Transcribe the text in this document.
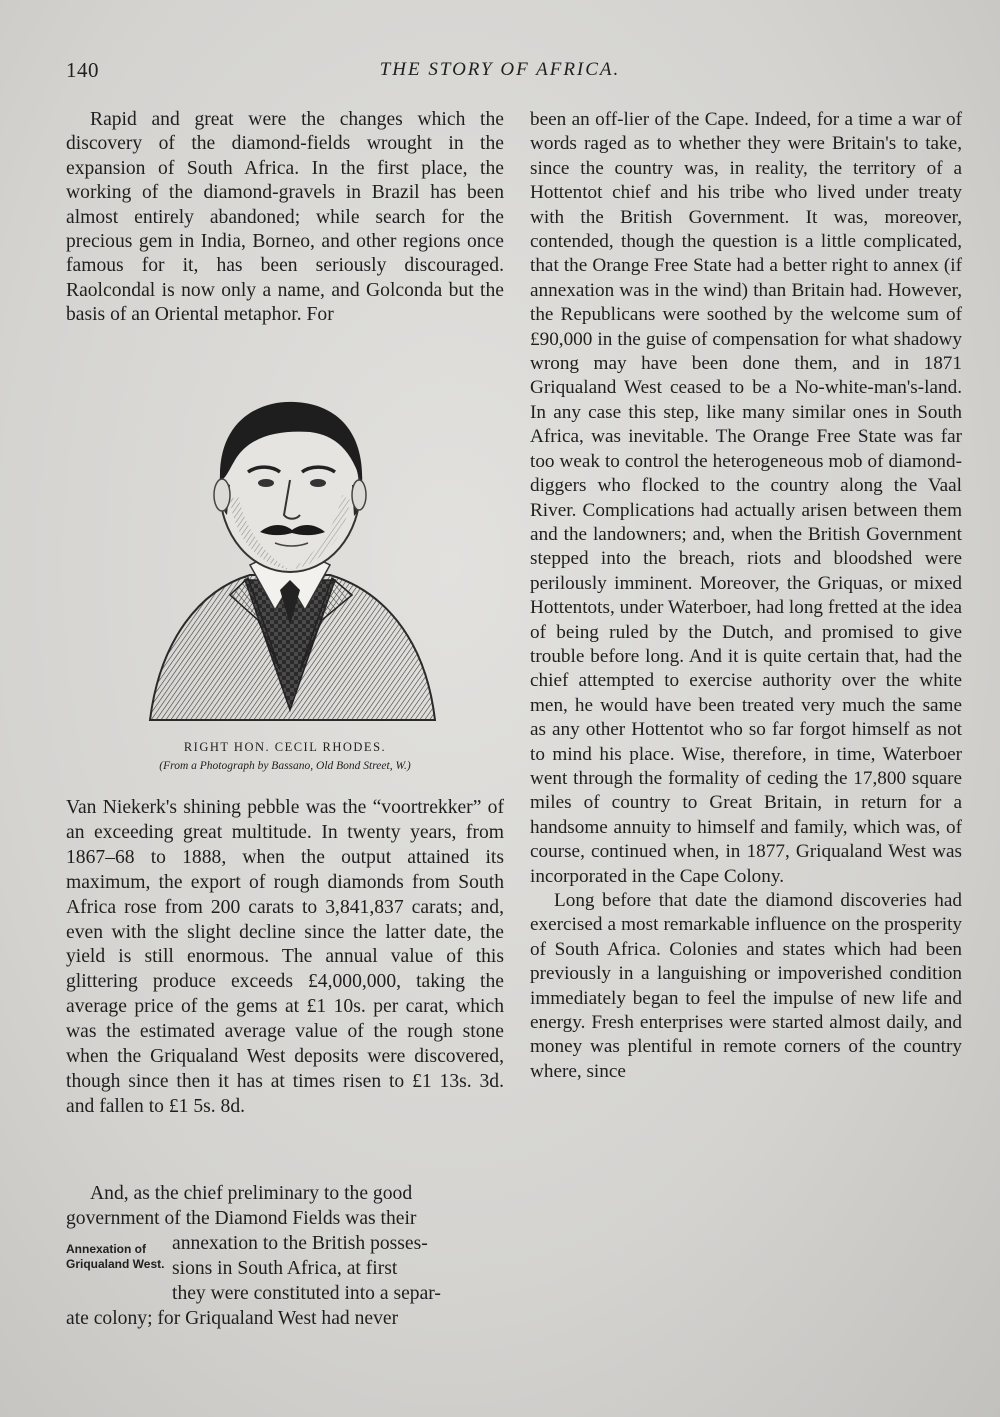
140	THE STORY OF AFRICA.

Rapid and great were the changes which the discovery of the diamond-fields wrought in the expansion of South Africa. In the first place, the working of the diamond-gravels in Brazil has been almost entirely abandoned; while search for the precious gem in India, Borneo, and other regions once famous for it, has been seriously discouraged. Raolcondal is now only a name, and Golconda but the basis of an Oriental metaphor. For

RIGHT HON. CECIL RHODES.
(From a Photograph by Bassano, Old Bond Street, W.)

Van Niekerk's shining pebble was the “voortrekker” of an exceeding great multitude. In twenty years, from 1867–68 to 1888, when the output attained its maximum, the export of rough diamonds from South Africa rose from 200 carats to 3,841,837 carats; and, even with the slight decline since the latter date, the yield is still enormous. The annual value of this glittering produce exceeds £4,000,000, taking the average price of the gems at £1 10s. per carat, which was the estimated average value of the rough stone when the Griqualand West deposits were discovered, though since then it has at times risen to £1 13s. 3d. and fallen to £1 5s. 8d.

And, as the chief preliminary to the good
government of the Diamond Fields was their
annexation to the British posses-
sions in South Africa, at first
they were constituted into a separ-
ate colony; for Griqualand West had never
Annexation of Griqualand West.

been an off-lier of the Cape. Indeed, for a time a war of words raged as to whether they were Britain's to take, since the country was, in reality, the territory of a Hottentot chief and his tribe who lived under treaty with the British Government. It was, moreover, contended, though the question is a little complicated, that the Orange Free State had a better right to annex (if annexation was in the wind) than Britain had. However, the Republicans were soothed by the welcome sum of £90,000 in the guise of compensation for what shadowy wrong may have been done them, and in 1871 Griqualand West ceased to be a No-white-man's-land. In any case this step, like many similar ones in South Africa, was inevitable. The Orange Free State was far too weak to control the heterogeneous mob of diamond-diggers who flocked to the country along the Vaal River. Complications had actually arisen between them and the landowners; and, when the British Government stepped into the breach, riots and bloodshed were perilously imminent. Moreover, the Griquas, or mixed Hottentots, under Waterboer, had long fretted at the idea of being ruled by the Dutch, and promised to give trouble before long. And it is quite certain that, had the chief attempted to exercise authority over the white men, he would have been treated very much the same as any other Hottentot who so far forgot himself as not to mind his place. Wise, therefore, in time, Waterboer went through the formality of ceding the 17,800 square miles of country to Great Britain, in return for a handsome annuity to himself and family, which was, of course, continued when, in 1877, Griqualand West was incorporated in the Cape Colony.

Long before that date the diamond discoveries had exercised a most remarkable influence on the prosperity of South Africa. Colonies and states which had been previously in a languishing or impoverished condition immediately began to feel the impulse of new life and energy. Fresh enterprises were started almost daily, and money was plentiful in remote corners of the country where, since
